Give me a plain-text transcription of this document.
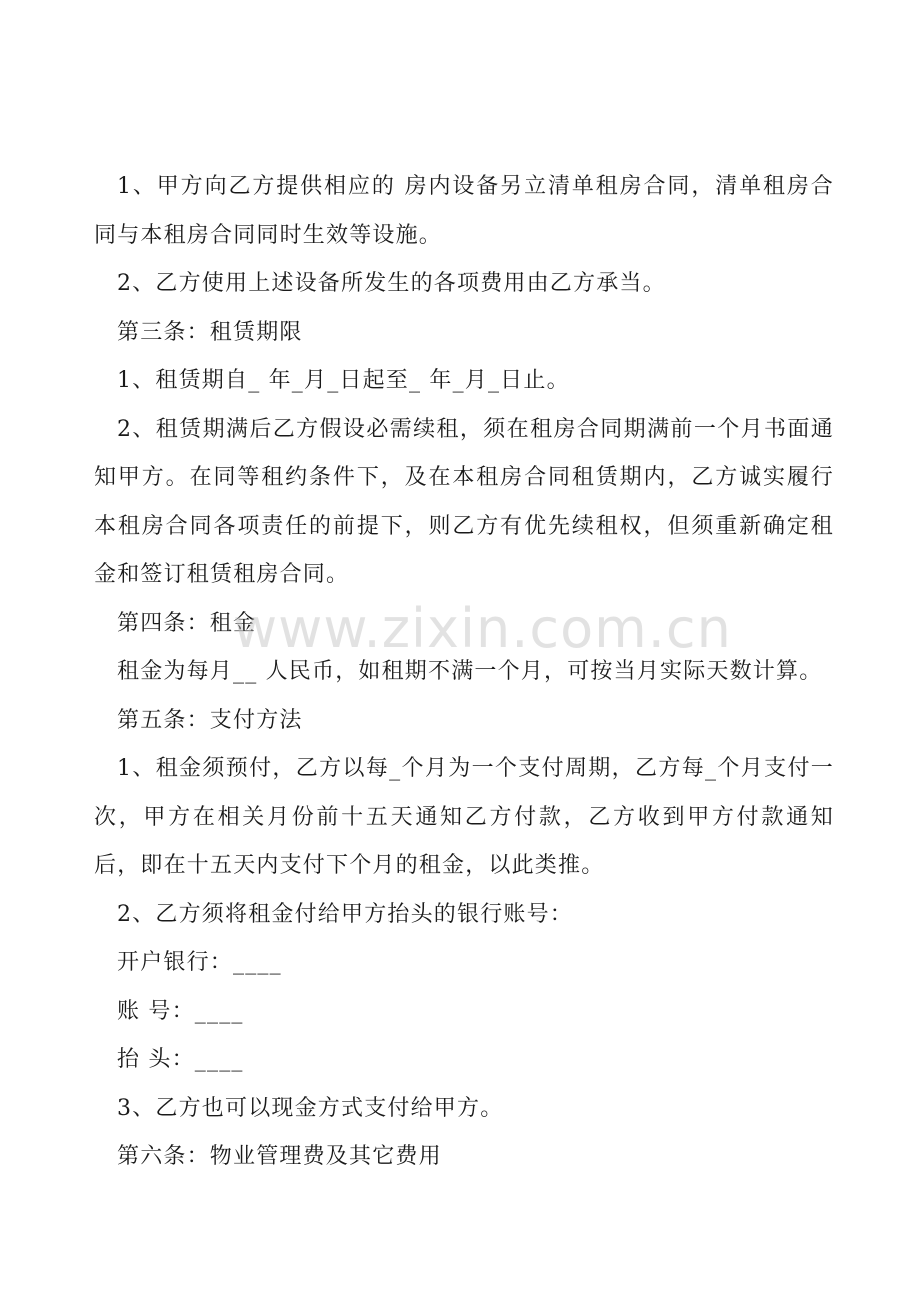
1、甲方向乙方提供相应的 房内设备另立清单租房合同，清单租房合同与本租房合同同时生效等设施。

2、乙方使用上述设备所发生的各项费用由乙方承当。

第三条：租赁期限

1、租赁期自_ 年_月_日起至_ 年_月_日止。

2、租赁期满后乙方假设必需续租，须在租房合同期满前一个月书面通知甲方。在同等租约条件下，及在本租房合同租赁期内，乙方诚实履行本租房合同各项责任的前提下，则乙方有优先续租权，但须重新确定租金和签订租赁租房合同。

第四条：租金

租金为每月__ 人民币，如租期不满一个月，可按当月实际天数计算。

第五条：支付方法

1、租金须预付，乙方以每_个月为一个支付周期，乙方每_个月支付一次，甲方在相关月份前十五天通知乙方付款，乙方收到甲方付款通知后，即在十五天内支付下个月的租金，以此类推。

2、乙方须将租金付给甲方抬头的银行账号：

开户银行：____

账 号：____

抬 头：____

3、乙方也可以现金方式支付给甲方。

第六条：物业管理费及其它费用

www.zixin.com.cn
